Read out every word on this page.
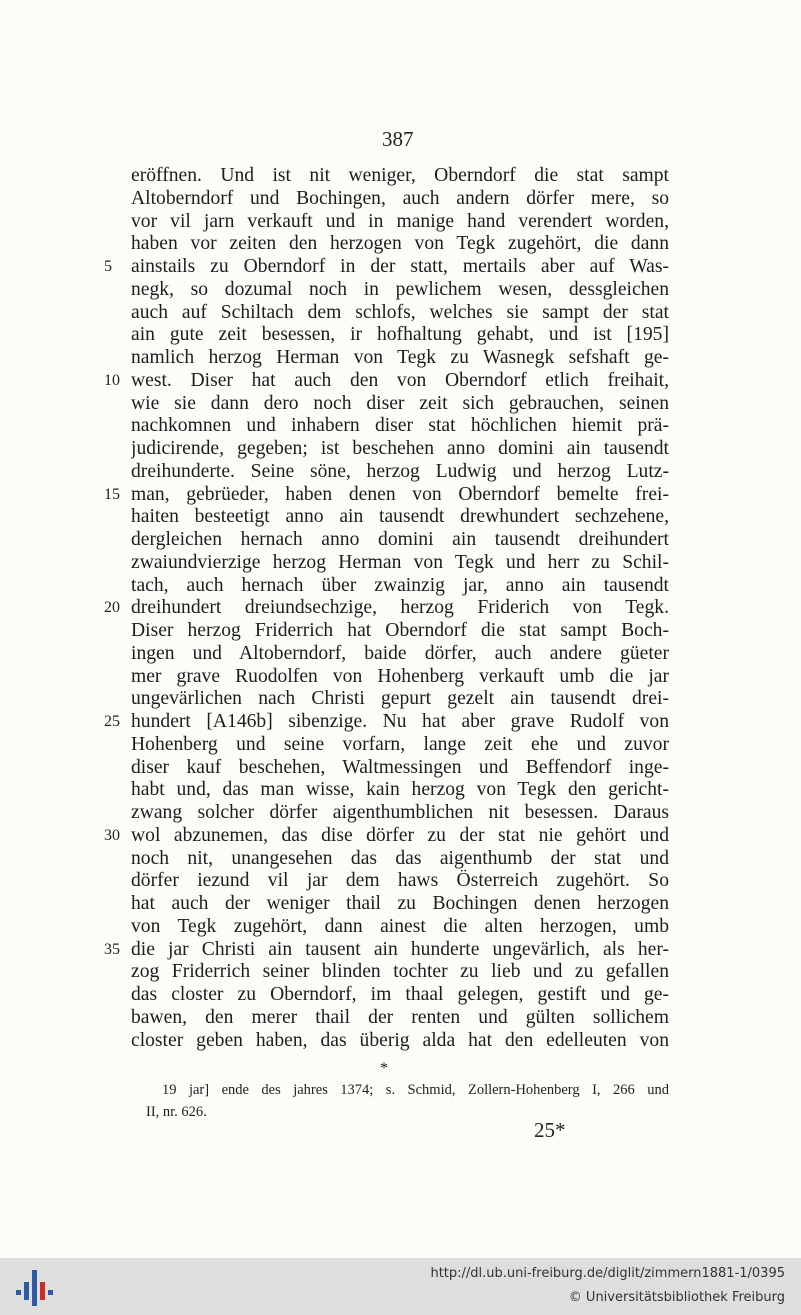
387
eröffnen. Und ist nit weniger, Oberndorf die stat sampt
Altoberndorf und Bochingen, auch andern dörfer mere, so
vor vil jarn verkauft und in manige hand verendert worden,
haben vor zeiten den herzogen von Tegk zugehört, die dann
ainstails zu Oberndorf in der statt, mertails aber auf Was-
5
negk, so dozumal noch in pewlichem wesen, dessgleichen
auch auf Schiltach dem schlofs, welches sie sampt der stat
ain gute zeit besessen, ir hofhaltung gehabt, und ist [195]
namlich herzog Herman von Tegk zu Wasnegk sefshaft ge-
west. Diser hat auch den von Oberndorf etlich freihait,
10
wie sie dann dero noch diser zeit sich gebrauchen, seinen
nachkomnen und inhabern diser stat höchlichen hiemit prä-
judicirende, gegeben; ist beschehen anno domini ain tausendt
dreihunderte. Seine söne, herzog Ludwig und herzog Lutz-
man, gebrüeder, haben denen von Oberndorf bemelte frei-
15
haiten besteetigt anno ain tausendt drewhundert sechzehene,
dergleichen hernach anno domini ain tausendt dreihundert
zwaiundvierzige herzog Herman von Tegk und herr zu Schil-
tach, auch hernach über zwainzig jar, anno ain tausendt
dreihundert dreiundsechzige, herzog Friderich von Tegk.
20
Diser herzog Friderrich hat Oberndorf die stat sampt Boch-
ingen und Altoberndorf, baide dörfer, auch andere güeter
mer grave Ruodolfen von Hohenberg verkauft umb die jar
ungevärlichen nach Christi gepurt gezelt ain tausendt drei-
hundert [A146b] sibenzige. Nu hat aber grave Rudolf von
25
Hohenberg und seine vorfarn, lange zeit ehe und zuvor
diser kauf beschehen, Waltmessingen und Beffendorf inge-
habt und, das man wisse, kain herzog von Tegk den gericht-
zwang solcher dörfer aigenthumblichen nit besessen. Daraus
wol abzunemen, das dise dörfer zu der stat nie gehört und
30
noch nit, unangesehen das das aigenthumb der stat und
dörfer iezund vil jar dem haws Österreich zugehört. So
hat auch der weniger thail zu Bochingen denen herzogen
von Tegk zugehört, dann ainest die alten herzogen, umb
die jar Christi ain tausent ain hunderte ungevärlich, als her-
35
zog Friderrich seiner blinden tochter zu lieb und zu gefallen
das closter zu Oberndorf, im thaal gelegen, gestift und ge-
bawen, den merer thail der renten und gülten sollichem
closter geben haben, das überig alda hat den edelleuten von
*
19 jar] ende des jahres 1374; s. Schmid, Zollern-Hohenberg I, 266 und
II, nr. 626.
25*
http://dl.ub.uni-freiburg.de/diglit/zimmern1881-1/0395
© Universitätsbibliothek Freiburg
